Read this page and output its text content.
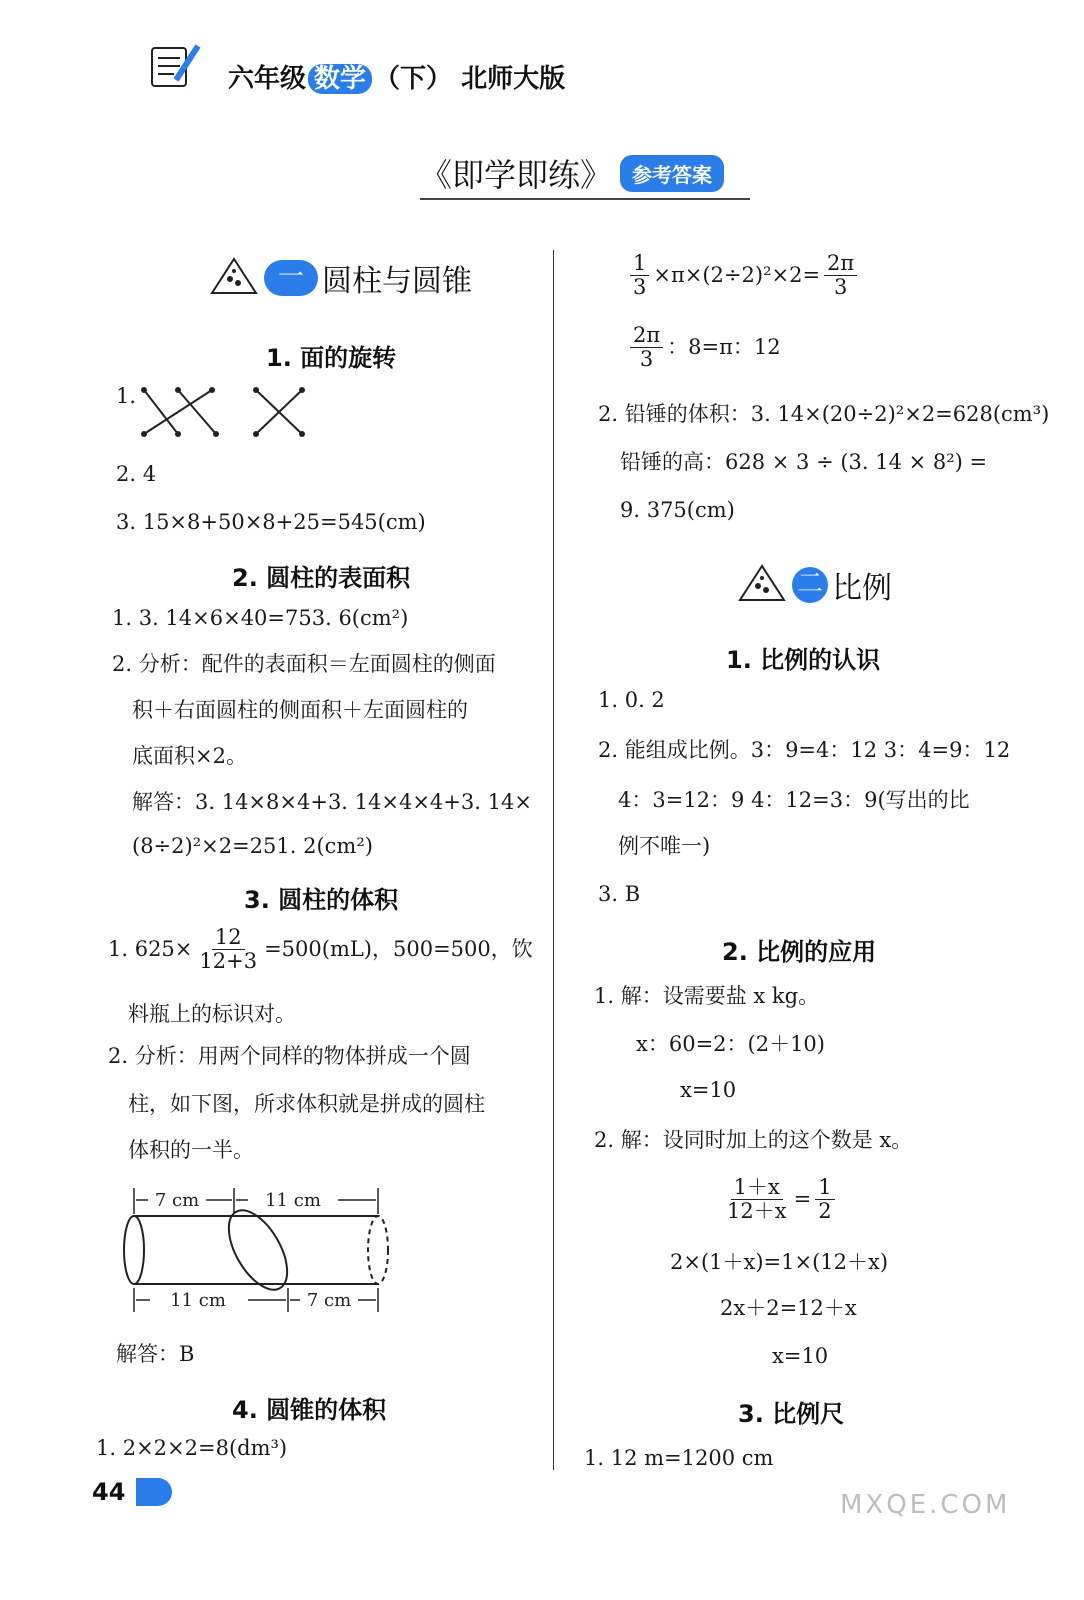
六年级 数学 （下） 北师大版
《即学即练》 参考答案
一 圆柱与圆锥
1. 面的旋转
1.
2. 4
3. 15×8+50×8+25=545(cm)
2. 圆柱的表面积
1. 3. 14×6×40=753. 6(cm²)
2. 分析：配件的表面积＝左面圆柱的侧面
积＋右面圆柱的侧面积＋左面圆柱的
底面积×2。
解答：3. 14×8×4+3. 14×4×4+3. 14×
(8÷2)²×2=251. 2(cm²)
3. 圆柱的体积
1. $625\times \frac{12}{12+3} =500(mL)$，500=500，饮
料瓶上的标识对。
2. 分析：用两个同样的物体拼成一个圆
柱，如下图，所求体积就是拼成的圆柱
体积的一半。
7 cm	11 cm
11 cm	7 cm
解答：B
4. 圆锥的体积
1. 2×2×2=8(dm³)
$\frac{1}{3} \times\pi\times(2\div 2)^2\times 2= \frac{2\pi}{3}$
$\frac{2\pi}{3}$ ：8=π：12
2. 铅锤的体积：3. 14×(20÷2)²×2=628(cm³)
铅锤的高：628 × 3 ÷ (3. 14 × 8²) =
9. 375(cm)
二 比例
1. 比例的认识
1. 0. 2
2. 能组成比例。3：9=4：12 3：4=9：12
4：3=12：9 4：12=3：9(写出的比
例不唯一)
3. B
2. 比例的应用
1. 解：设需要盐 x kg。
x：60=2：(2＋10)
x=10
2. 解：设同时加上的这个数是 x。
$\frac{1+x}{12+x} = \frac{1}{2}$
2×(1＋x)=1×(12＋x)
2x＋2=12＋x
x=10
3. 比例尺
1. 12 m=1200 cm
44	MXQE.COM
